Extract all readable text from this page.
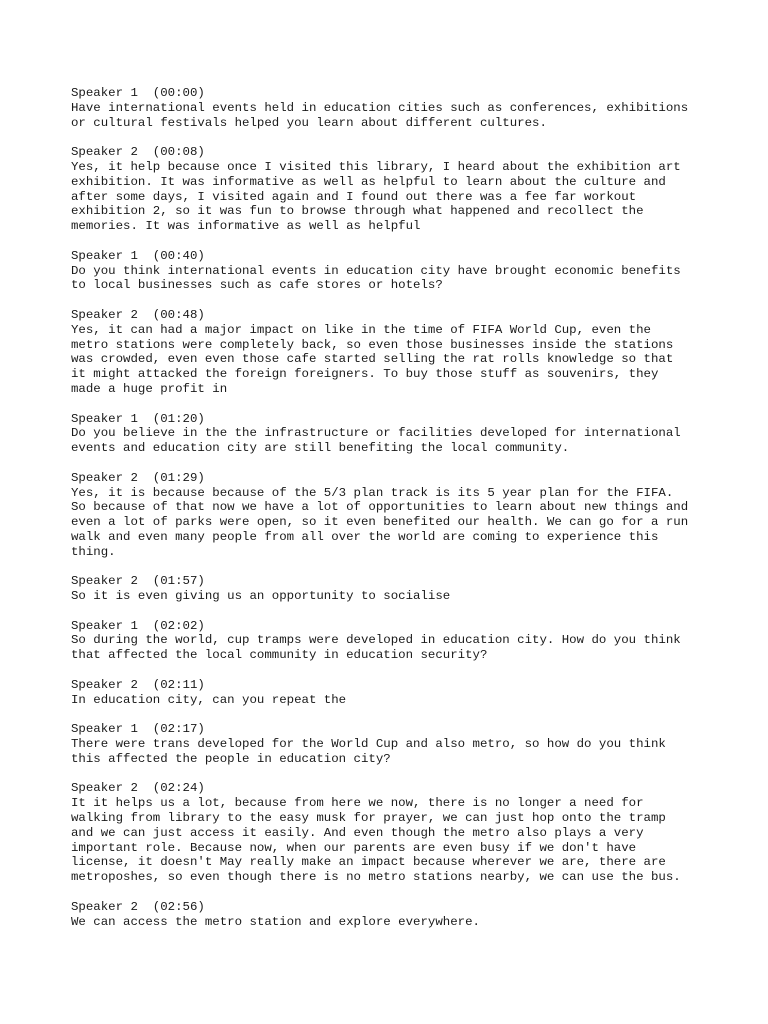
Speaker 1 (00:00)
Have international events held in education cities such as conferences, exhibitions
or cultural festivals helped you learn about different cultures.
Speaker 2 (00:08)
Yes, it help because once I visited this library, I heard about the exhibition art
exhibition. It was informative as well as helpful to learn about the culture and
after some days, I visited again and I found out there was a fee far workout
exhibition 2, so it was fun to browse through what happened and recollect the
memories. It was informative as well as helpful
Speaker 1 (00:40)
Do you think international events in education city have brought economic benefits
to local businesses such as cafe stores or hotels?
Speaker 2 (00:48)
Yes, it can had a major impact on like in the time of FIFA World Cup, even the
metro stations were completely back, so even those businesses inside the stations
was crowded, even even those cafe started selling the rat rolls knowledge so that
it might attacked the foreign foreigners. To buy those stuff as souvenirs, they
made a huge profit in
Speaker 1 (01:20)
Do you believe in the the infrastructure or facilities developed for international
events and education city are still benefiting the local community.
Speaker 2 (01:29)
Yes, it is because because of the 5/3 plan track is its 5 year plan for the FIFA.
So because of that now we have a lot of opportunities to learn about new things and
even a lot of parks were open, so it even benefited our health. We can go for a run
walk and even many people from all over the world are coming to experience this
thing.
Speaker 2 (01:57)
So it is even giving us an opportunity to socialise
Speaker 1 (02:02)
So during the world, cup tramps were developed in education city. How do you think
that affected the local community in education security?
Speaker 2 (02:11)
In education city, can you repeat the
Speaker 1 (02:17)
There were trans developed for the World Cup and also metro, so how do you think
this affected the people in education city?
Speaker 2 (02:24)
It it helps us a lot, because from here we now, there is no longer a need for
walking from library to the easy musk for prayer, we can just hop onto the tramp
and we can just access it easily. And even though the metro also plays a very
important role. Because now, when our parents are even busy if we don't have
license, it doesn't May really make an impact because wherever we are, there are
metroposhes, so even though there is no metro stations nearby, we can use the bus.
Speaker 2 (02:56)
We can access the metro station and explore everywhere.
